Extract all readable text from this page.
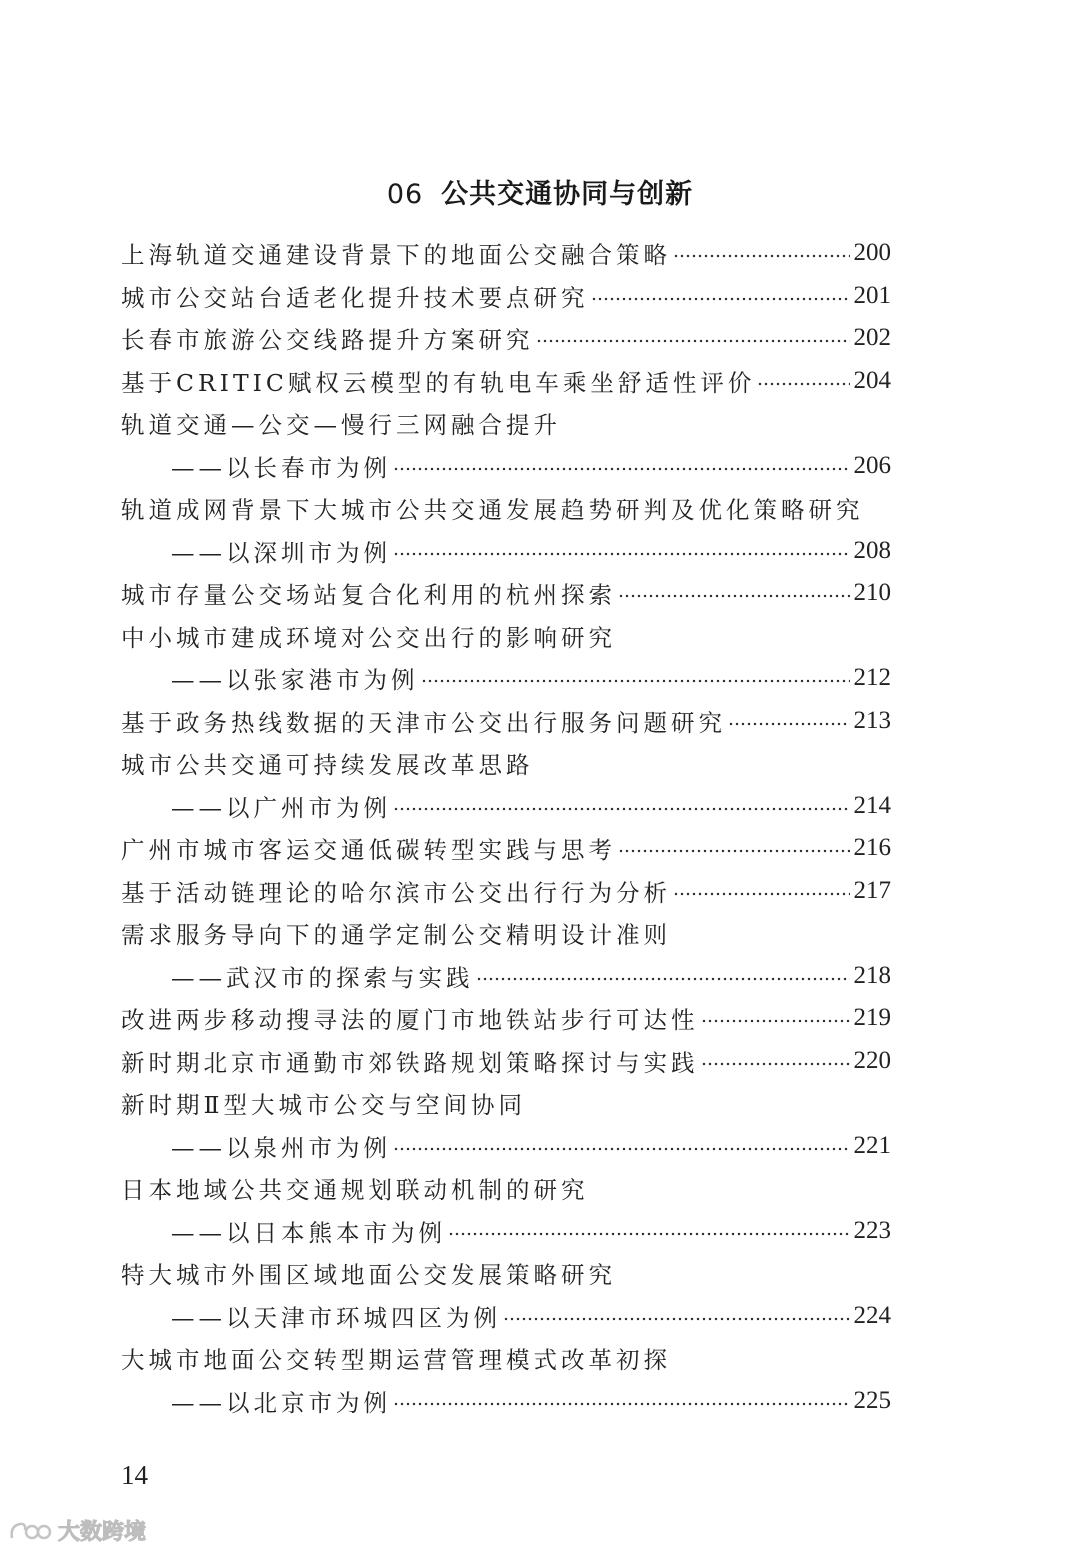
06 公共交通协同与创新
上海轨道交通建设背景下的地面公交融合策略	200
城市公交站台适老化提升技术要点研究	201
长春市旅游公交线路提升方案研究	202
基于CRITIC赋权云模型的有轨电车乘坐舒适性评价	204
轨道交通—公交—慢行三网融合提升
——以长春市为例	206
轨道成网背景下大城市公共交通发展趋势研判及优化策略研究
——以深圳市为例	208
城市存量公交场站复合化利用的杭州探索	210
中小城市建成环境对公交出行的影响研究
——以张家港市为例	212
基于政务热线数据的天津市公交出行服务问题研究	213
城市公共交通可持续发展改革思路
——以广州市为例	214
广州市城市客运交通低碳转型实践与思考	216
基于活动链理论的哈尔滨市公交出行行为分析	217
需求服务导向下的通学定制公交精明设计准则
——武汉市的探索与实践	218
改进两步移动搜寻法的厦门市地铁站步行可达性	219
新时期北京市通勤市郊铁路规划策略探讨与实践	220
新时期Ⅱ型大城市公交与空间协同
——以泉州市为例	221
日本地域公共交通规划联动机制的研究
——以日本熊本市为例	223
特大城市外围区域地面公交发展策略研究
——以天津市环城四区为例	224
大城市地面公交转型期运营管理模式改革初探
——以北京市为例	225
14
大数跨境
